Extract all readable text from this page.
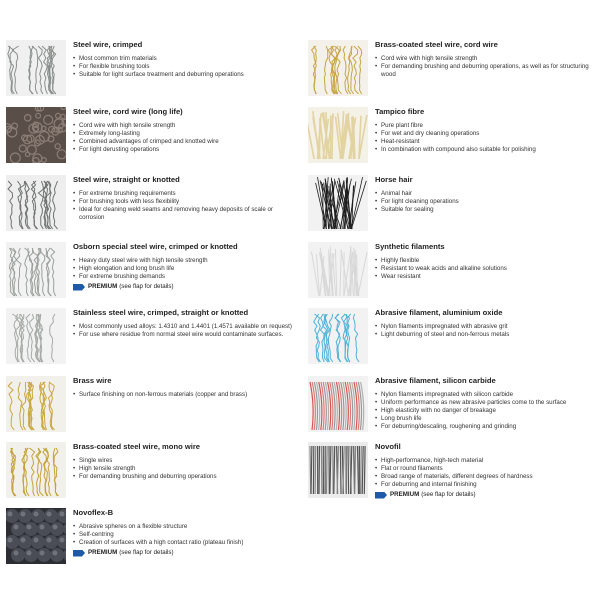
Steel wire, crimped
• Most common trim materials
• For flexible brushing tools
• Suitable for light surface treatment and deburring operations
Steel wire, cord wire (long life)
• Cord wire with high tensile strength
• Extremely long-lasting
• Combined advantages of crimped and knotted wire
• For light derusting operations
Steel wire, straight or knotted
• For extreme brushing requirements
• For brushing tools with less flexibility
• Ideal for cleaning weld seams and removing heavy deposits of scale or corrosion
Osborn special steel wire, crimped or knotted
• Heavy duty steel wire with high tensile strength
• High elongation and long brush life
• For extreme brushing demands
PREMIUM (see flap for details)
Stainless steel wire, crimped, straight or knotted
• Most commonly used alloys: 1.4310 and 1.4401 (1.4571 available on request)
• For use where residue from normal steel wire would contaminate surfaces.
Brass wire
• Surface finishing on non-ferrous materials (copper and brass)
Brass-coated steel wire, mono wire
• Single wires
• High tensile strength
• For demanding brushing and deburring operations
Novoflex-B
• Abrasive spheres on a flexible structure
• Self-centring
• Creation of surfaces with a high contact ratio (plateau finish)
PREMIUM (see flap for details)
Brass-coated steel wire, cord wire
• Cord wire with high tensile strength
• For demanding brushing and deburring operations, as well as for structuring wood
Tampico fibre
• Pure plant fibre
• For wet and dry cleaning operations
• Heat-resistant
• In combination with compound also suitable for polishing
Horse hair
• Animal hair
• For light cleaning operations
• Suitable for sealing
Synthetic filaments
• Highly flexible
• Resistant to weak acids and alkaline solutions
• Wear resistant
Abrasive filament, aluminium oxide
• Nylon filaments impregnated with abrasive grit
• Light deburring of steel and non-ferrous metals
Abrasive filament, silicon carbide
• Nylon filaments impregnated with silicon carbide
• Uniform performance as new abrasive particles come to the surface
• High elasticity with no danger of breakage
• Long brush life
• For deburring/descaling, roughening and grinding
Novofil
• High-performance, high-tech material
• Flat or round filaments
• Broad range of materials, different degrees of hardness
• For deburring and internal finishing
PREMIUM (see flap for details)
